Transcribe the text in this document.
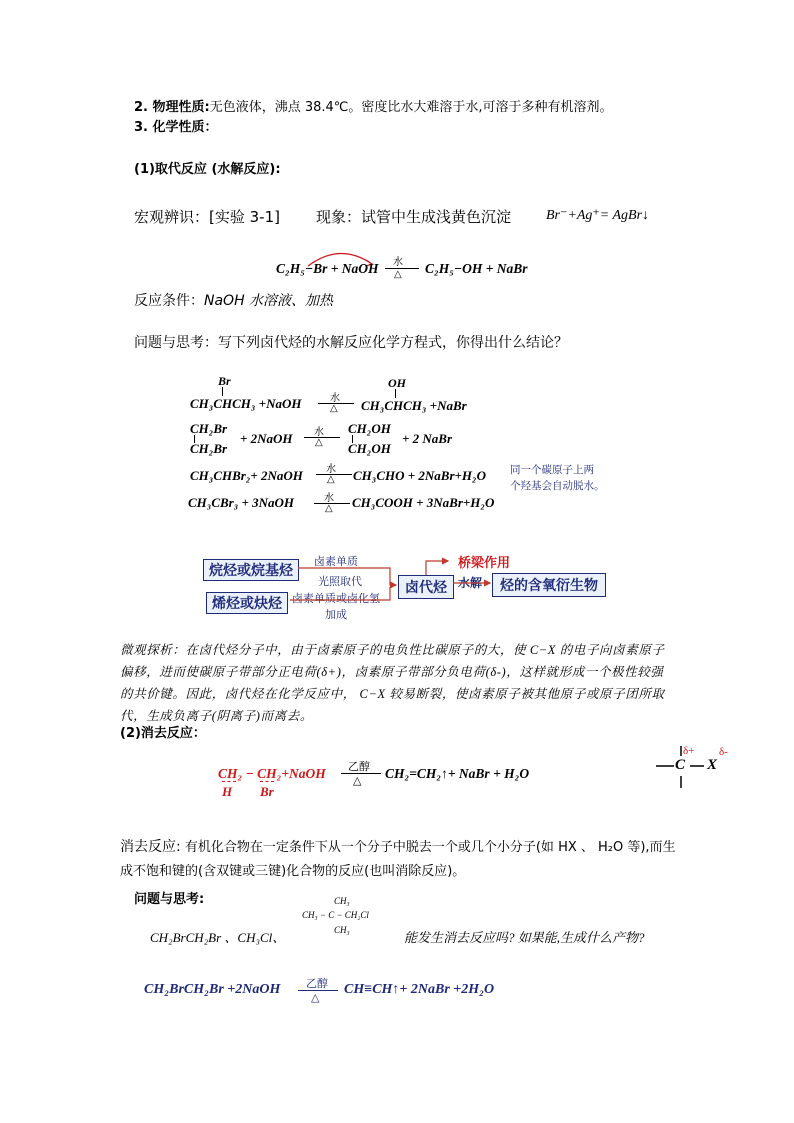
2. 物理性质:无色液体，沸点 38.4℃。密度比水大难溶于水,可溶于多种有机溶剂。
3. 化学性质：
(1)取代反应 (水解反应):
宏观辨识：[实验 3-1] 现象：试管中生成浅黄色沉淀 Br⁻+Ag⁺= AgBr↓
C₂H₅−Br + NaOH 水
△ C₂H₅−OH + NaBr
反应条件：NaOH 水溶液、加热
问题与思考：写下列卤代烃的水解反应化学方程式，你得出什么结论？
Br
CH₃CHCH₃ +NaOH	水
△
OH
CH₃CHCH₃ +NaBr
CH₂Br
CH₂Br
+ 2NaOH 水
△
CH₂OH
CH₂OH
+ 2 NaBr
CH₃CHBr₂+ 2NaOH 水
△ CH₃CHO + 2NaBr+H₂O 同一个碳原子上两
个羟基会自动脱水。
CH₃CBr₃ + 3NaOH	水
△ CH₃COOH + 3NaBr+H₂O
烷烃或烷基烃
烯烃或炔烃
卤代烃	烃的含氧衍生物
卤素单质
光照取代
卤素单质或卤化氢
加成
桥梁作用
水解
微观探析：在卤代烃分子中，由于卤素原子的电负性比碳原子的大，使 C−X 的电子向卤素原子偏移，进而使碳原子带部分正电荷(δ+)，卤素原子带部分负电荷(δ-)，这样就形成一个极性较强的共价键。因此，卤代烃在化学反应中， C−X 较易断裂，使卤素原子被其他原子或原子团所取代，生成负离子(阴离子)而离去。
(2)消去反应：
CH₂ − CH₂+NaOH
H Br
乙醇
△ CH₂=CH₂↑+ NaBr + H₂O
C X
δ+ δ-
消去反应: 有机化合物在一定条件下从一个分子中脱去一个或几个小分子(如 HX 、 H₂O 等),而生成不饱和键的(含双键或三键)化合物的反应(也叫消除反应)。
问题与思考:
CH₂BrCH₂Br 、CH₃Cl、
CH₃
CH₃ − C − CH₂Cl
CH₃	能发生消去反应吗? 如果能,生成什么产物?
CH₂BrCH₂Br +2NaOH 乙醇
△
CH≡CH↑+ 2NaBr +2H₂O
